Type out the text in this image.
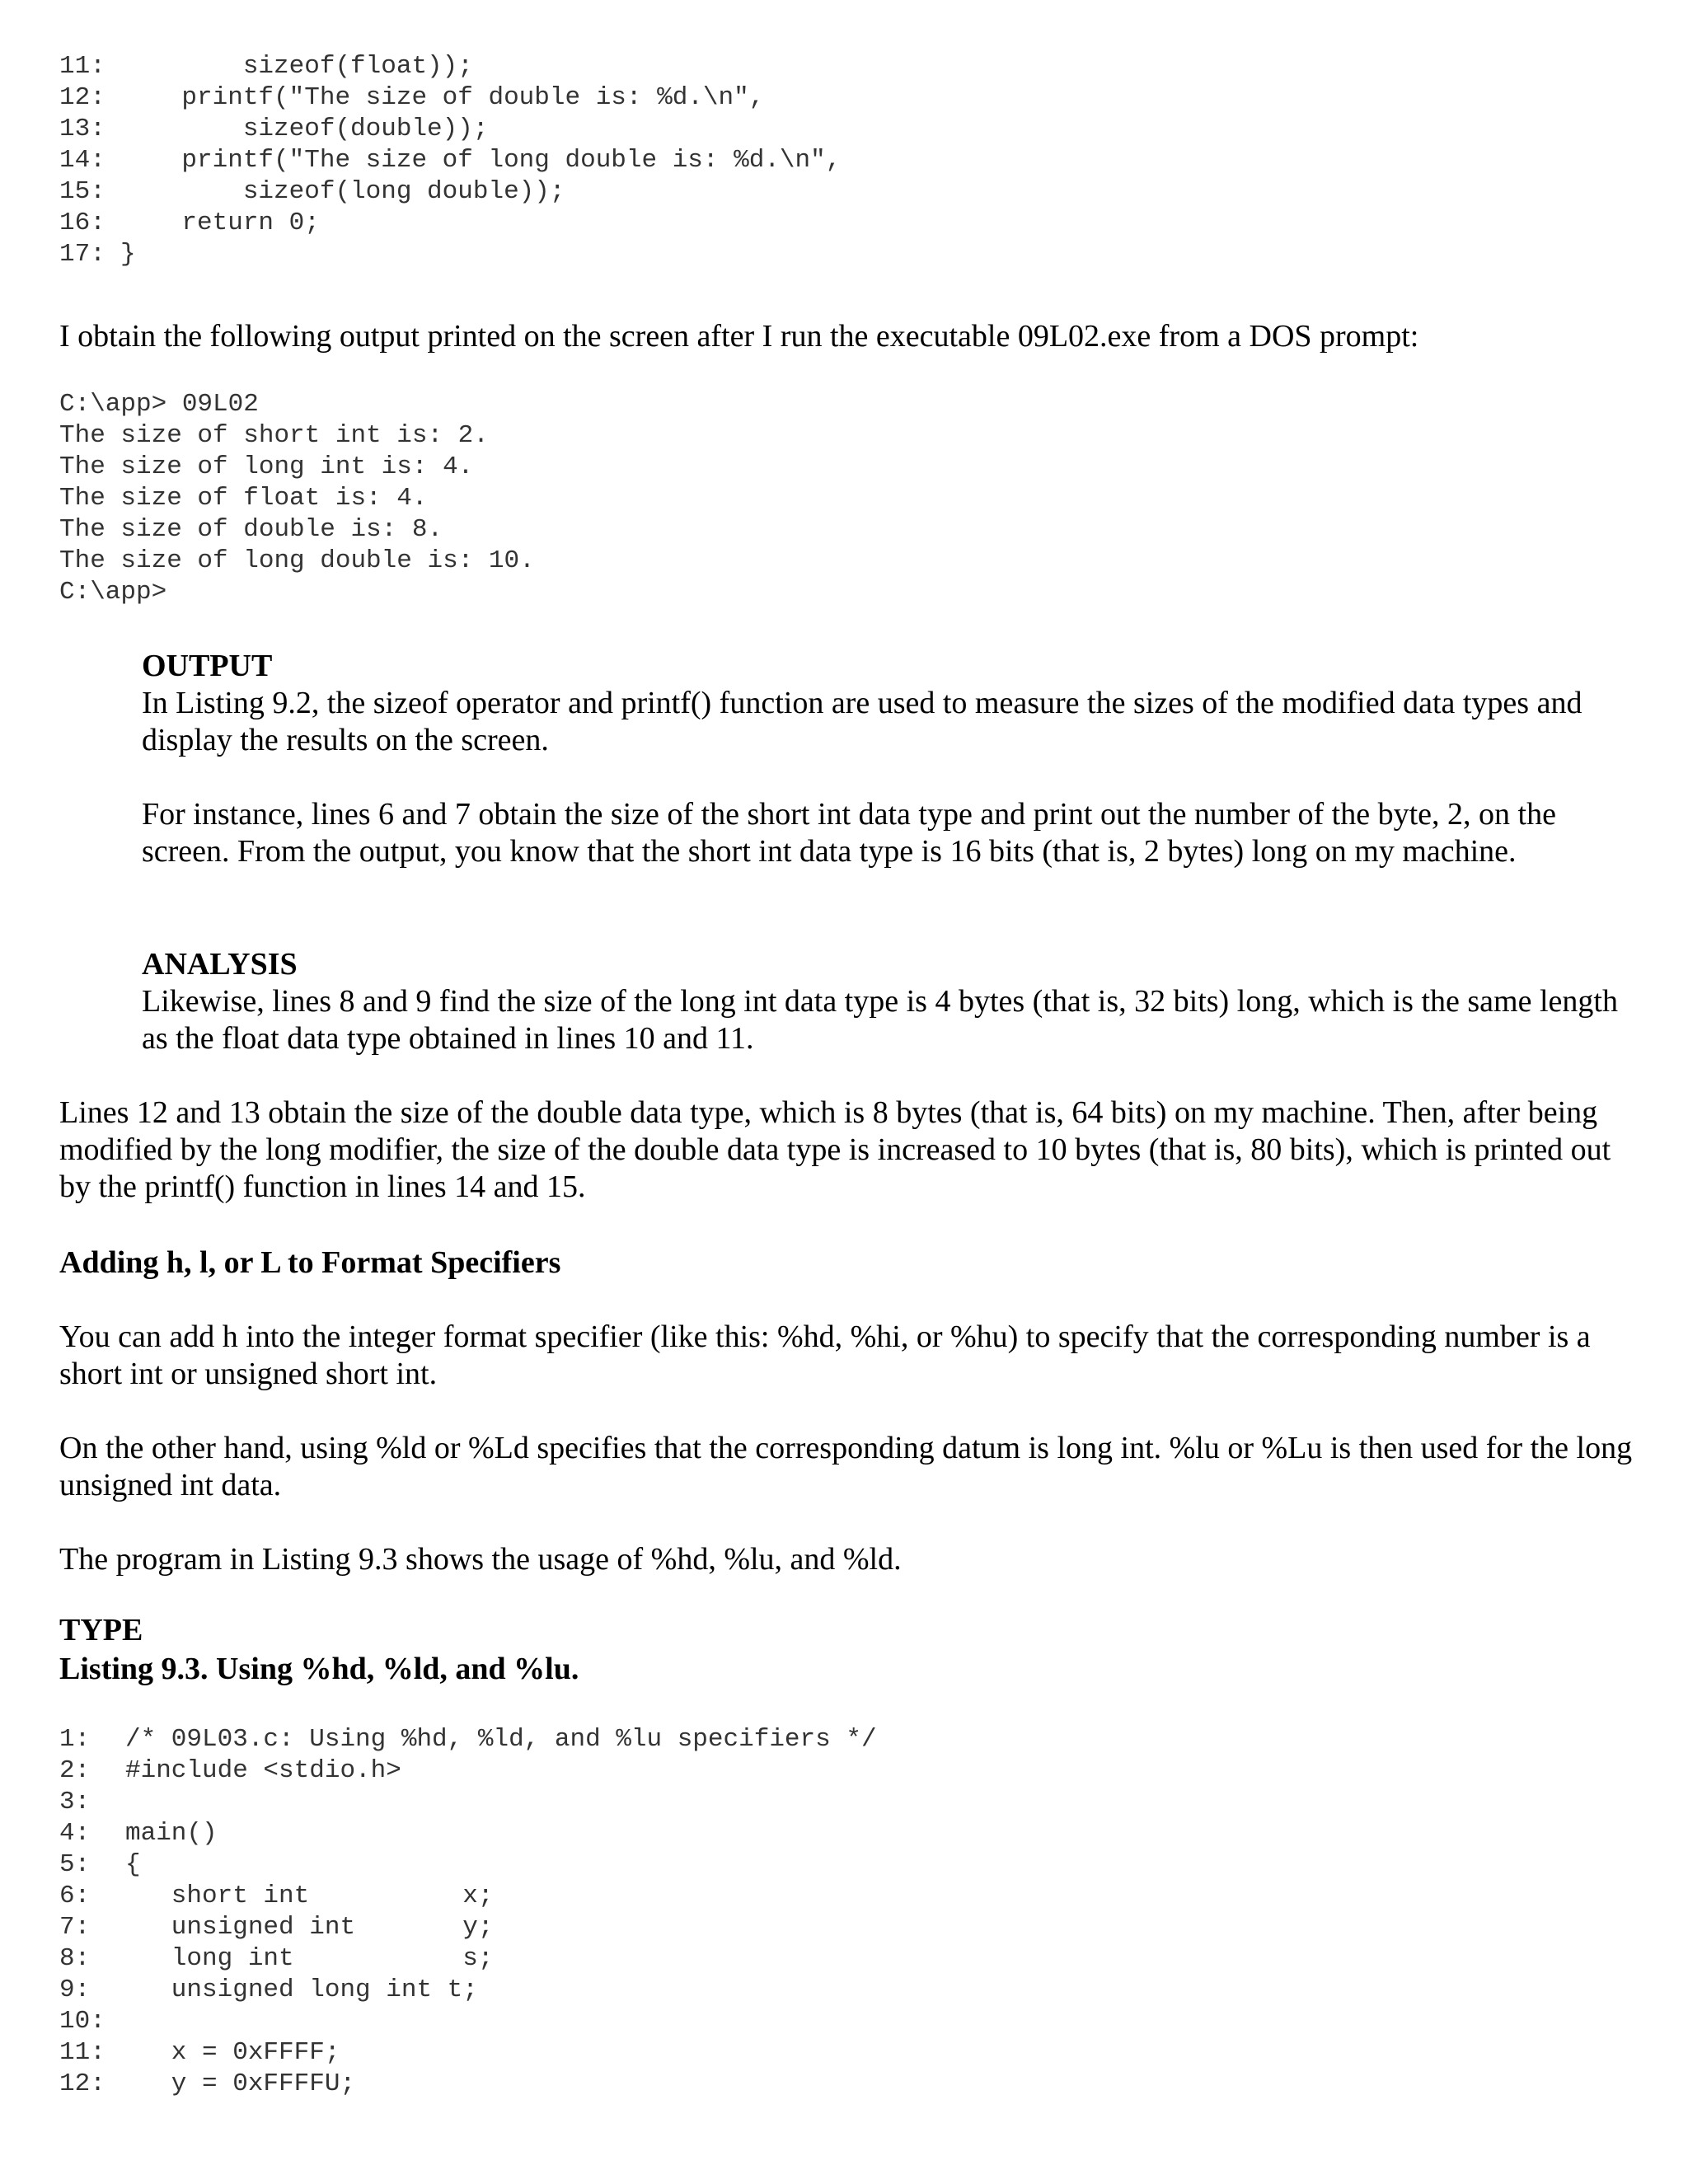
11:        sizeof(float));
12:    printf("The size of double is: %d.\n",
13:        sizeof(double));
14:    printf("The size of long double is: %d.\n",
15:        sizeof(long double));
16:    return 0;
17: }

I obtain the following output printed on the screen after I run the executable 09L02.exe from a DOS prompt:

C:\app> 09L02
The size of short int is: 2.
The size of long int is: 4.
The size of float is: 4.
The size of double is: 8.
The size of long double is: 10.
C:\app>

OUTPUT

In Listing 9.2, the sizeof operator and printf() function are used to measure the sizes of the modified data types and display the results on the screen.

For instance, lines 6 and 7 obtain the size of the short int data type and print out the number of the byte, 2, on the screen. From the output, you know that the short int data type is 16 bits (that is, 2 bytes) long on my machine.

ANALYSIS

Likewise, lines 8 and 9 find the size of the long int data type is 4 bytes (that is, 32 bits) long, which is the same length as the float data type obtained in lines 10 and 11.

Lines 12 and 13 obtain the size of the double data type, which is 8 bytes (that is, 64 bits) on my machine. Then, after being modified by the long modifier, the size of the double data type is increased to 10 bytes (that is, 80 bits), which is printed out by the printf() function in lines 14 and 15.

Adding h, l, or L to Format Specifiers

You can add h into the integer format specifier (like this: %hd, %hi, or %hu) to specify that the corresponding number is a short int or unsigned short int.

On the other hand, using %ld or %Ld specifies that the corresponding datum is long int. %lu or %Lu is then used for the long unsigned int data.

The program in Listing 9.3 shows the usage of %hd, %lu, and %ld.

TYPE

Listing 9.3. Using %hd, %ld, and %lu.

1: /* 09L03.c: Using %hd, %ld, and %lu specifiers */
2: #include <stdio.h>
3:
4: main()
5: {
6:   short int          x;
7:   unsigned int       y;
8:   long int           s;
9:   unsigned long int t;
10:
11:   x = 0xFFFF;
12:   y = 0xFFFFU;
